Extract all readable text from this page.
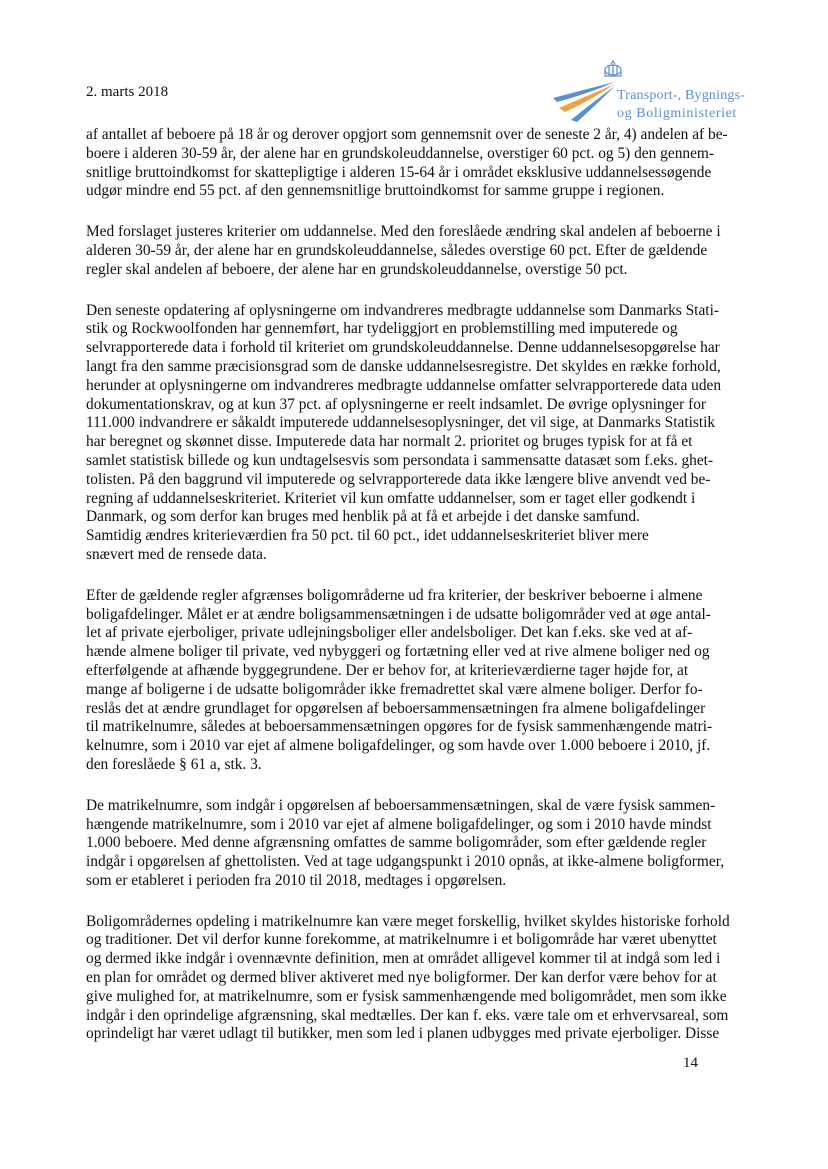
2. marts 2018	Transport-, Bygnings-
og Boligministeriet

af antallet af beboere på 18 år og derover opgjort som gennemsnit over de seneste 2 år, 4) andelen af be-
boere i alderen 30-59 år, der alene har en grundskoleuddannelse, overstiger 60 pct. og 5) den gennem-
snitlige bruttoindkomst for skattepligtige i alderen 15-64 år i området eksklusive uddannelsessøgende
udgør mindre end 55 pct. af den gennemsnitlige bruttoindkomst for samme gruppe i regionen.

Med forslaget justeres kriterier om uddannelse. Med den foreslåede ændring skal andelen af beboerne i
alderen 30-59 år, der alene har en grundskoleuddannelse, således overstige 60 pct. Efter de gældende
regler skal andelen af beboere, der alene har en grundskoleuddannelse, overstige 50 pct.

Den seneste opdatering af oplysningerne om indvandreres medbragte uddannelse som Danmarks Stati-
stik og Rockwoolfonden har gennemført, har tydeliggjort en problemstilling med imputerede og
selvrapporterede data i forhold til kriteriet om grundskoleuddannelse. Denne uddannelsesopgørelse har
langt fra den samme præcisionsgrad som de danske uddannelsesregistre. Det skyldes en række forhold,
herunder at oplysningerne om indvandreres medbragte uddannelse omfatter selvrapporterede data uden
dokumentationskrav, og at kun 37 pct. af oplysningerne er reelt indsamlet. De øvrige oplysninger for
111.000 indvandrere er såkaldt imputerede uddannelsesoplysninger, det vil sige, at Danmarks Statistik
har beregnet og skønnet disse. Imputerede data har normalt 2. prioritet og bruges typisk for at få et
samlet statistisk billede og kun undtagelsesvis som persondata i sammensatte datasæt som f.eks. ghet-
tolisten. På den baggrund vil imputerede og selvrapporterede data ikke længere blive anvendt ved be-
regning af uddannelseskriteriet. Kriteriet vil kun omfatte uddannelser, som er taget eller godkendt i
Danmark, og som derfor kan bruges med henblik på at få et arbejde i det danske samfund.
Samtidig ændres kriterieværdien fra 50 pct. til 60 pct., idet uddannelseskriteriet bliver mere
snævert med de rensede data.

Efter de gældende regler afgrænses boligområderne ud fra kriterier, der beskriver beboerne i almene
boligafdelinger. Målet er at ændre boligsammensætningen i de udsatte boligområder ved at øge antal-
let af private ejerboliger, private udlejningsboliger eller andelsboliger. Det kan f.eks. ske ved at af-
hænde almene boliger til private, ved nybyggeri og fortætning eller ved at rive almene boliger ned og
efterfølgende at afhænde byggegrundene. Der er behov for, at kriterieværdierne tager højde for, at
mange af boligerne i de udsatte boligområder ikke fremadrettet skal være almene boliger. Derfor fo-
reslås det at ændre grundlaget for opgørelsen af beboersammensætningen fra almene boligafdelinger
til matrikelnumre, således at beboersammensætningen opgøres for de fysisk sammenhængende matri-
kelnumre, som i 2010 var ejet af almene boligafdelinger, og som havde over 1.000 beboere i 2010, jf.
den foreslåede § 61 a, stk. 3.

De matrikelnumre, som indgår i opgørelsen af beboersammensætningen, skal de være fysisk sammen-
hængende matrikelnumre, som i 2010 var ejet af almene boligafdelinger, og som i 2010 havde mindst
1.000 beboere. Med denne afgrænsning omfattes de samme boligområder, som efter gældende regler
indgår i opgørelsen af ghettolisten. Ved at tage udgangspunkt i 2010 opnås, at ikke-almene boligformer,
som er etableret i perioden fra 2010 til 2018, medtages i opgørelsen.

Boligområdernes opdeling i matrikelnumre kan være meget forskellig, hvilket skyldes historiske forhold
og traditioner. Det vil derfor kunne forekomme, at matrikelnumre i et boligområde har været ubenyttet
og dermed ikke indgår i ovennævnte definition, men at området alligevel kommer til at indgå som led i
en plan for området og dermed bliver aktiveret med nye boligformer. Der kan derfor være behov for at
give mulighed for, at matrikelnumre, som er fysisk sammenhængende med boligområdet, men som ikke
indgår i den oprindelige afgrænsning, skal medtælles. Der kan f. eks. være tale om et erhvervsareal, som
oprindeligt har været udlagt til butikker, men som led i planen udbygges med private ejerboliger. Disse

14
